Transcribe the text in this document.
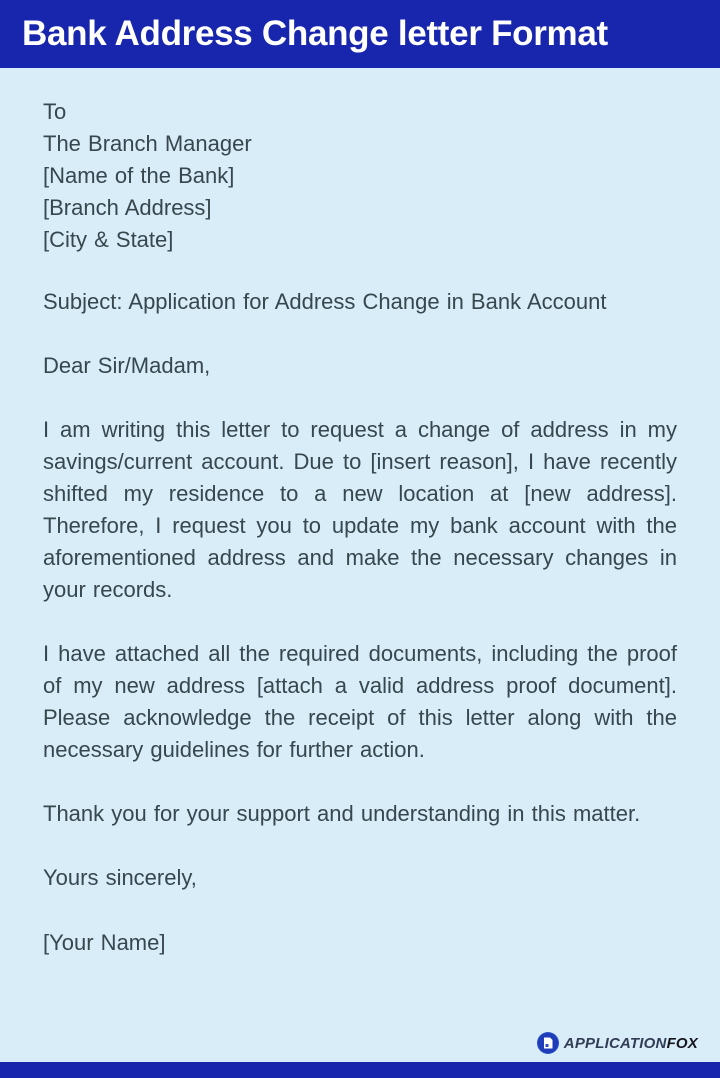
Bank Address Change letter Format
To
The Branch Manager
[Name of the Bank]
[Branch Address]
[City & State]

Subject: Application for Address Change in Bank Account

Dear Sir/Madam,

I am writing this letter to request a change of address in my savings/current account. Due to [insert reason], I have recently shifted my residence to a new location at [new address]. Therefore, I request you to update my bank account with the aforementioned address and make the necessary changes in your records.

I have attached all the required documents, including the proof of my new address [attach a valid address proof document]. Please acknowledge the receipt of this letter along with the necessary guidelines for further action.

Thank you for your support and understanding in this matter.

Yours sincerely,

[Your Name]

APPLICATIONFOX
